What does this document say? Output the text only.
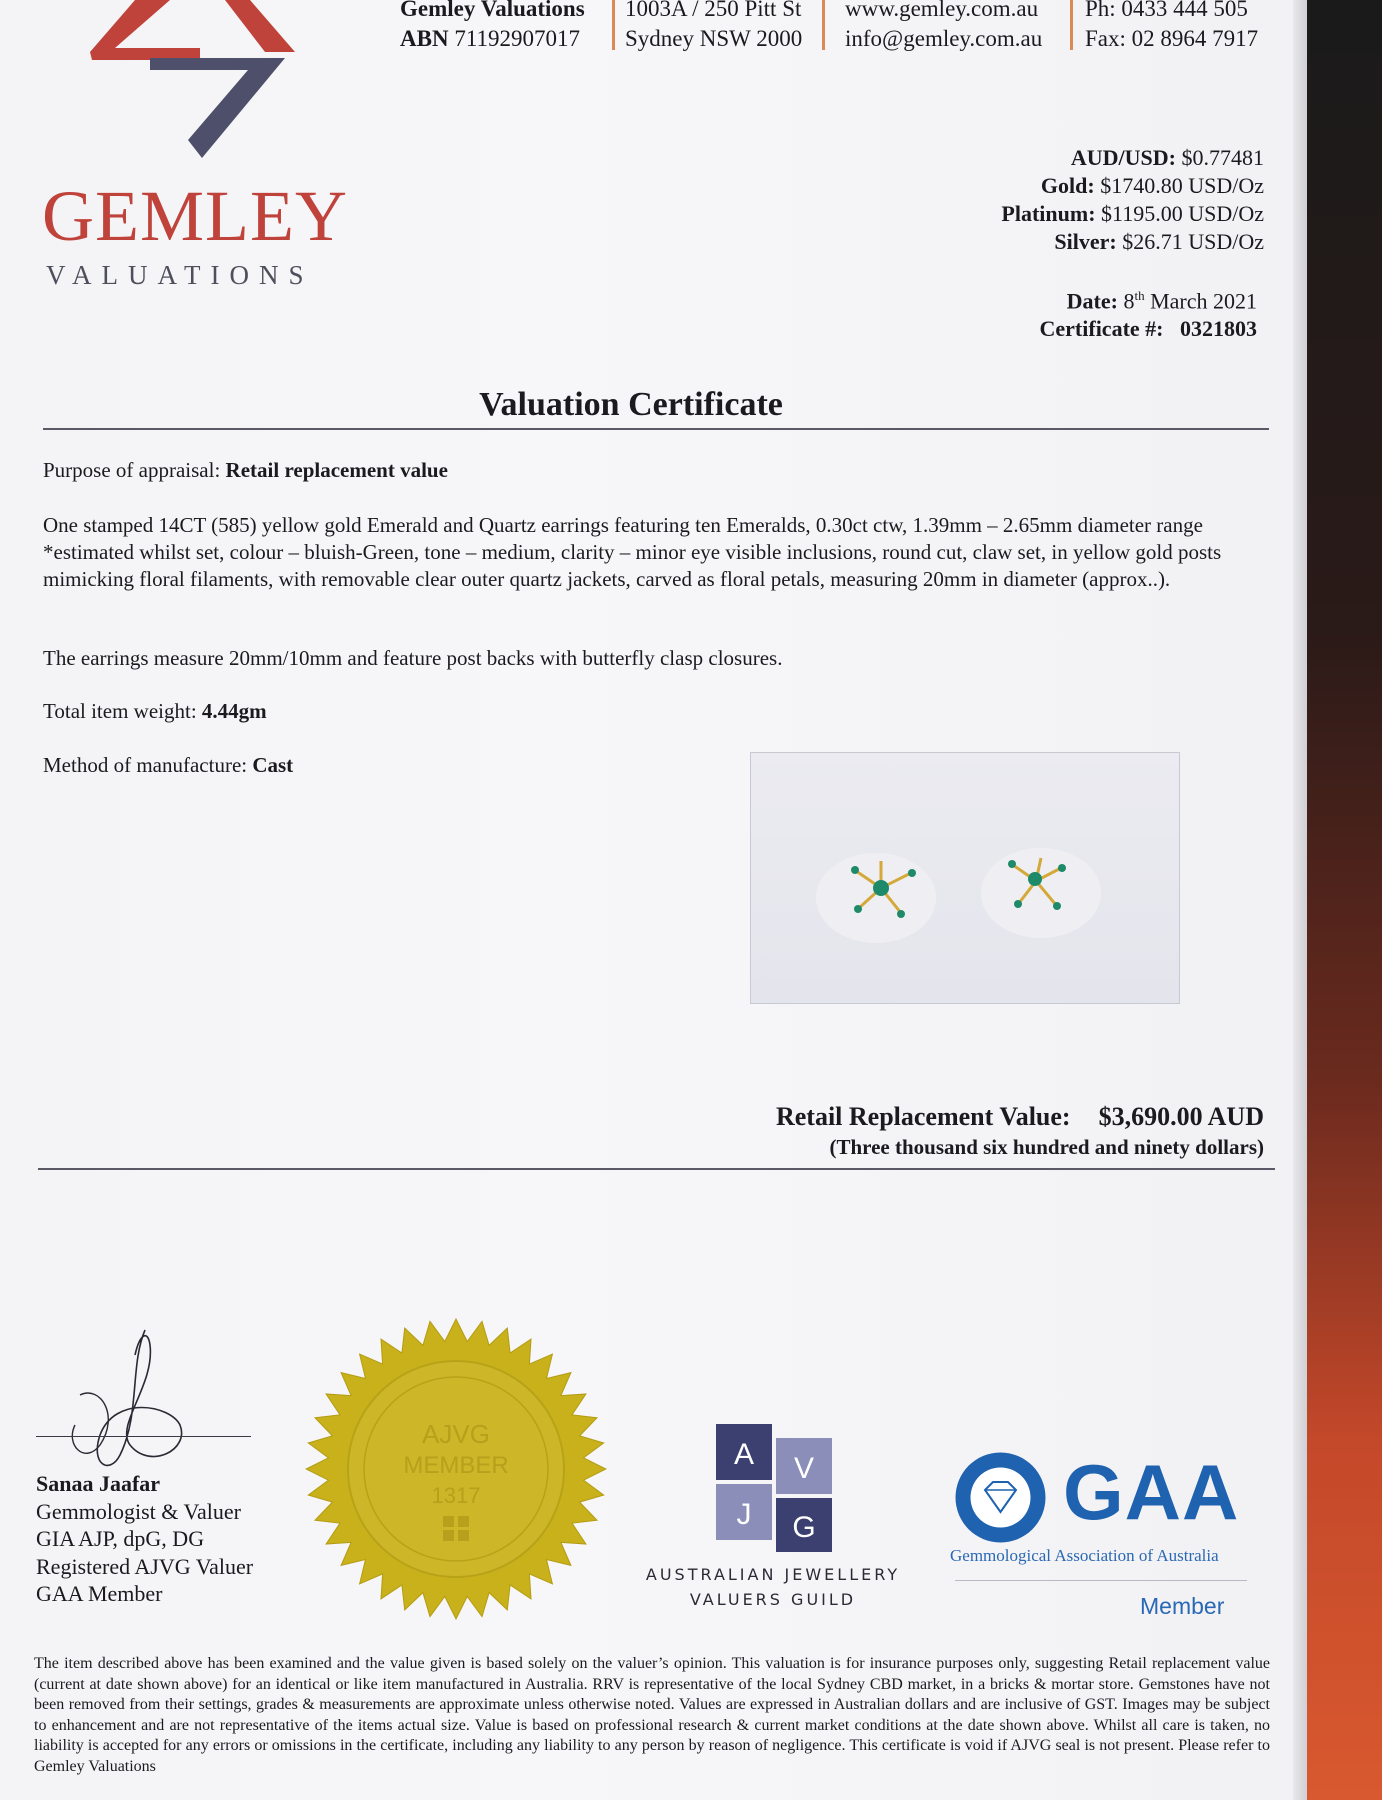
GEMLEY
VALUATIONS
Gemley Valuations
ABN 71192907017
1003A / 250 Pitt St
Sydney NSW 2000
www.gemley.com.au
info@gemley.com.au
Ph: 0433 444 505
Fax: 02 8964 7917
AUD/USD: $0.77481
Gold: $1740.80 USD/Oz
Platinum: $1195.00 USD/Oz
Silver: $26.71 USD/Oz
Date: 8th March 2021
Certificate #: 0321803
Valuation Certificate
Purpose of appraisal: Retail replacement value
One stamped 14CT (585) yellow gold Emerald and Quartz earrings featuring ten Emeralds, 0.30ct ctw, 1.39mm – 2.65mm diameter range *estimated whilst set, colour – bluish-Green, tone – medium, clarity – minor eye visible inclusions, round cut, claw set, in yellow gold posts mimicking floral filaments, with removable clear outer quartz jackets, carved as floral petals, measuring 20mm in diameter (approx..).
The earrings measure 20mm/10mm and feature post backs with butterfly clasp closures.
Total item weight: 4.44gm
Method of manufacture: Cast
Retail Replacement Value: $3,690.00 AUD
(Three thousand six hundred and ninety dollars)
Sanaa Jaafar
Gemmologist & Valuer
GIA AJP, dpG, DG
Registered AJVG Valuer
GAA Member
AJVG
MEMBER
1317
A V
J G
AUSTRALIAN JEWELLERY
VALUERS GUILD
GAA
Gemmological Association of Australia
Member
The item described above has been examined and the value given is based solely on the valuer’s opinion. This valuation is for insurance purposes only, suggesting Retail replacement value (current at date shown above) for an identical or like item manufactured in Australia. RRV is representative of the local Sydney CBD market, in a bricks & mortar store. Gemstones have not been removed from their settings, grades & measurements are approximate unless otherwise noted. Values are expressed in Australian dollars and are inclusive of GST. Images may be subject to enhancement and are not representative of the items actual size. Value is based on professional research & current market conditions at the date shown above. Whilst all care is taken, no liability is accepted for any errors or omissions in the certificate, including any liability to any person by reason of negligence. This certificate is void if AJVG seal is not present. Please refer to Gemley Valuations
